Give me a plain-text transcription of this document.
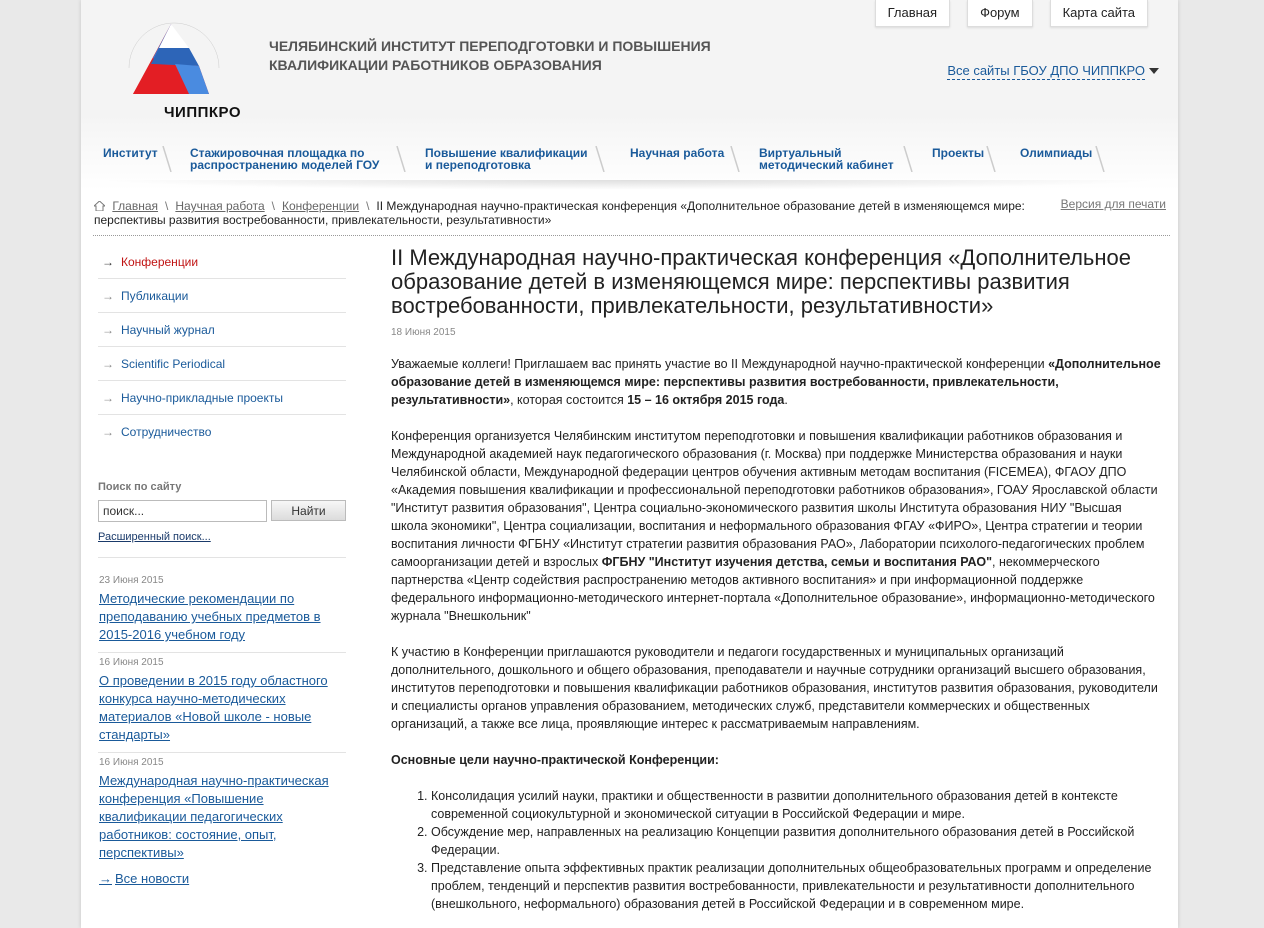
ЧИППКРО
ЧЕЛЯБИНСКИЙ ИНСТИТУТ ПЕРЕПОДГОТОВКИ И ПОВЫШЕНИЯ
КВАЛИФИКАЦИИ РАБОТНИКОВ ОБРАЗОВАНИЯ
Главная	Форум	Карта сайта
Все сайты ГБОУ ДПО ЧИППКРО
Институт	Стажировочная площадка по
распространению моделей ГОУ
Повышение квалификации
и переподготовка
Научная работа	Виртуальный
методический кабинет
Проекты	Олимпиады
Главная \ Научная работа \ Конференции \ II Международная научно-практическая конференция «Дополнительное образование детей в изменяющемся мире: перспективы развития востребованности, привлекательности, результативности»
Версия для печати
→ Конференции
→ Публикации
→ Научный журнал
→ Scientific Periodical
→ Научно-прикладные проекты
→ Сотрудничество
Поиск по сайту
поиск...
Найти
Расширенный поиск...
23 Июня 2015
Методические рекомендации по преподаванию учебных предметов в 2015-2016 учебном году
16 Июня 2015
О проведении в 2015 году областного конкурса научно-методических материалов «Новой школе - новые стандарты»
16 Июня 2015
Международная научно-практическая конференция «Повышение квалификации педагогических работников: состояние, опыт, перспективы»
→ Все новости
II Международная научно-практическая конференция «Дополнительное образование детей в изменяющемся мире: перспективы развития востребованности, привлекательности, результативности»
18 Июня 2015

Уважаемые коллеги! Приглашаем вас принять участие во II Международной научно-практической конференции «Дополнительное образование детей в изменяющемся мире: перспективы развития востребованности, привлекательности, результативности», которая состоится 15 – 16 октября 2015 года.

Конференция организуется Челябинским институтом переподготовки и повышения квалификации работников образования и Международной академией наук педагогического образования (г. Москва) при поддержке Министерства образования и науки Челябинской области, Международной федерации центров обучения активным методам воспитания (FICEMEA), ФГАОУ ДПО «Академия повышения квалификации и профессиональной переподготовки работников образования», ГОАУ Ярославской области "Институт развития образования", Центра социально-экономического развития школы Института образования НИУ "Высшая школа экономики", Центра социализации, воспитания и неформального образования ФГАУ «ФИРО», Центра стратегии и теории воспитания личности ФГБНУ «Институт стратегии развития образования РАО», Лаборатории психолого-педагогических проблем самоорганизации детей и взрослых ФГБНУ "Институт изучения детства, семьи и воспитания РАО", некоммерческого партнерства «Центр содействия распространению методов активного воспитания» и при информационной поддержке федерального информационно-методического интернет-портала «Дополнительное образование», информационно-методического журнала "Внешкольник"

К участию в Конференции приглашаются руководители и педагоги государственных и муниципальных организаций дополнительного, дошкольного и общего образования, преподаватели и научные сотрудники организаций высшего образования, институтов переподготовки и повышения квалификации работников образования, институтов развития образования, руководители и специалисты органов управления образованием, методических служб, представители коммерческих и общественных организаций, а также все лица, проявляющие интерес к рассматриваемым направлениям.

Основные цели научно-практической Конференции:

1. Консолидация усилий науки, практики и общественности в развитии дополнительного образования детей в контексте современной социокультурной и экономической ситуации в Российской Федерации и мире.
2. Обсуждение мер, направленных на реализацию Концепции развития дополнительного образования детей в Российской Федерации.
3. Представление опыта эффективных практик реализации дополнительных общеобразовательных программ и определение проблем, тенденций и перспектив развития востребованности, привлекательности и результативности дополнительного (внешкольного, неформального) образования детей в Российской Федерации и в современном мире.
